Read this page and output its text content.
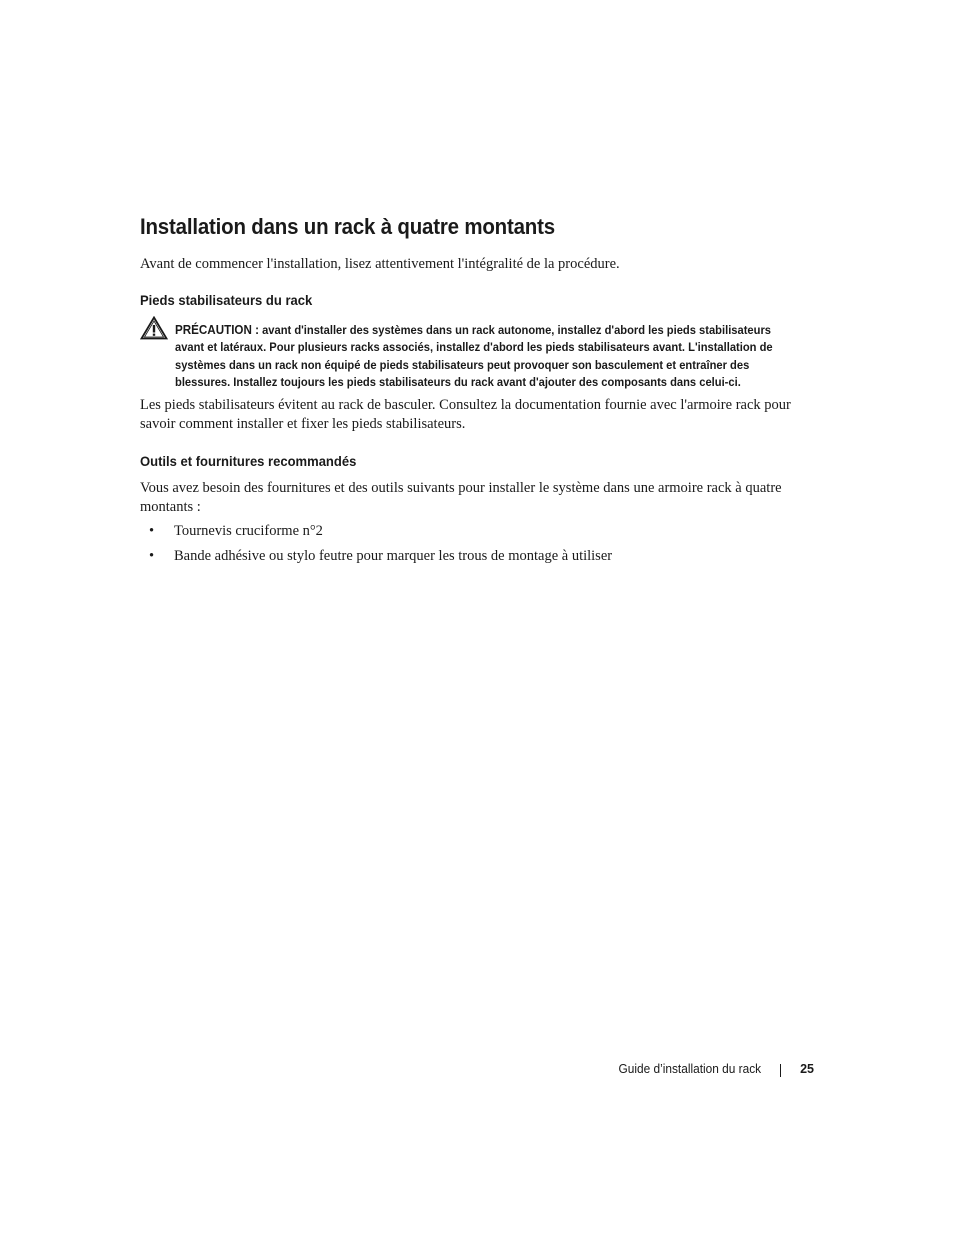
Installation dans un rack à quatre montants

Avant de commencer l'installation, lisez attentivement l'intégralité de la procédure.

Pieds stabilisateurs du rack

PRÉCAUTION : avant d'installer des systèmes dans un rack autonome, installez d'abord les pieds stabilisateurs avant et latéraux. Pour plusieurs racks associés, installez d'abord les pieds stabilisateurs avant. L'installation de systèmes dans un rack non équipé de pieds stabilisateurs peut provoquer son basculement et entraîner des blessures. Installez toujours les pieds stabilisateurs du rack avant d'ajouter des composants dans celui-ci.

Les pieds stabilisateurs évitent au rack de basculer. Consultez la documentation fournie avec l'armoire rack pour savoir comment installer et fixer les pieds stabilisateurs.

Outils et fournitures recommandés

Vous avez besoin des fournitures et des outils suivants pour installer le système dans une armoire rack à quatre montants :

• Tournevis cruciforme n°2
• Bande adhésive ou stylo feutre pour marquer les trous de montage à utiliser
Guide d’installation du rack	25
